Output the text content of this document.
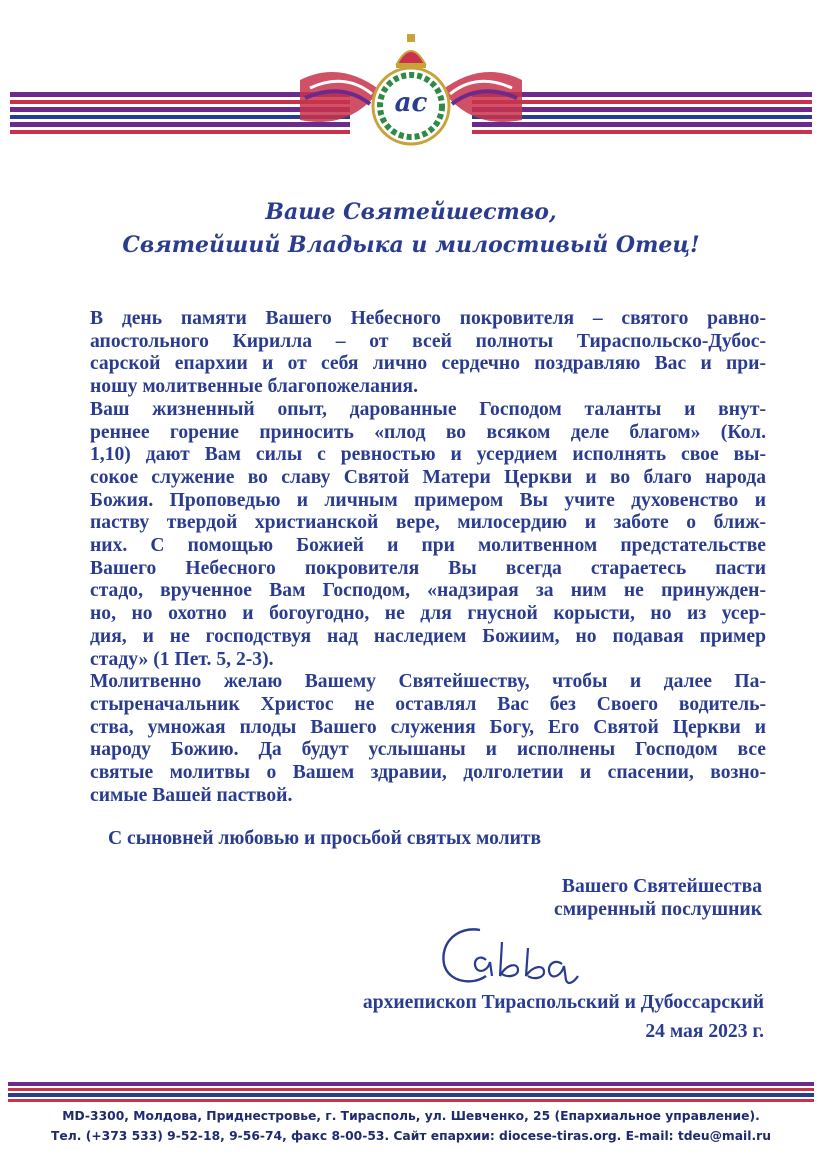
ас
Ваше Святейшество,
Святейший Владыка и милостивый Отец!
В день памяти Вашего Небесного покровителя – святого равно-
апостольного Кирилла – от всей полноты Тираспольско-Дубос-
сарской епархии и от себя лично сердечно поздравляю Вас и при-
ношу молитвенные благопожелания.
Ваш жизненный опыт, дарованные Господом таланты и внут-
реннее горение приносить «плод во всяком деле благом» (Кол.
1,10) дают Вам силы с ревностью и усердием исполнять свое вы-
сокое служение во славу Святой Матери Церкви и во благо народа
Божия. Проповедью и личным примером Вы учите духовенство и
паству твердой христианской вере, милосердию и заботе о ближ-
них. С помощью Божией и при молитвенном предстательстве
Вашего Небесного покровителя Вы всегда стараетесь пасти
стадо, врученное Вам Господом, «надзирая за ним не принужден-
но, но охотно и богоугодно, не для гнусной корысти, но из усер-
дия, и не господствуя над наследием Божиим, но подавая пример
стаду» (1 Пет. 5, 2-3).
Молитвенно желаю Вашему Святейшеству, чтобы и далее Па-
стыреначальник Христос не оставлял Вас без Своего водитель-
ства, умножая плоды Вашего служения Богу, Его Святой Церкви и
народу Божию. Да будут услышаны и исполнены Господом все
святые молитвы о Вашем здравии, долголетии и спасении, возно-
симые Вашей паствой.
С сыновней любовью и просьбой святых молитв
Вашего Святейшества
смиренный послушник
архиепископ Тираспольский и Дубоссарский
24 мая 2023 г.
MD-3300, Молдова, Приднестровье, г. Тирасполь, ул. Шевченко, 25 (Епархиальное управление).
Тел. (+373 533) 9-52-18, 9-56-74, факс 8-00-53. Сайт епархии: diocese-tiras.org. E-mail: tdeu@mail.ru
